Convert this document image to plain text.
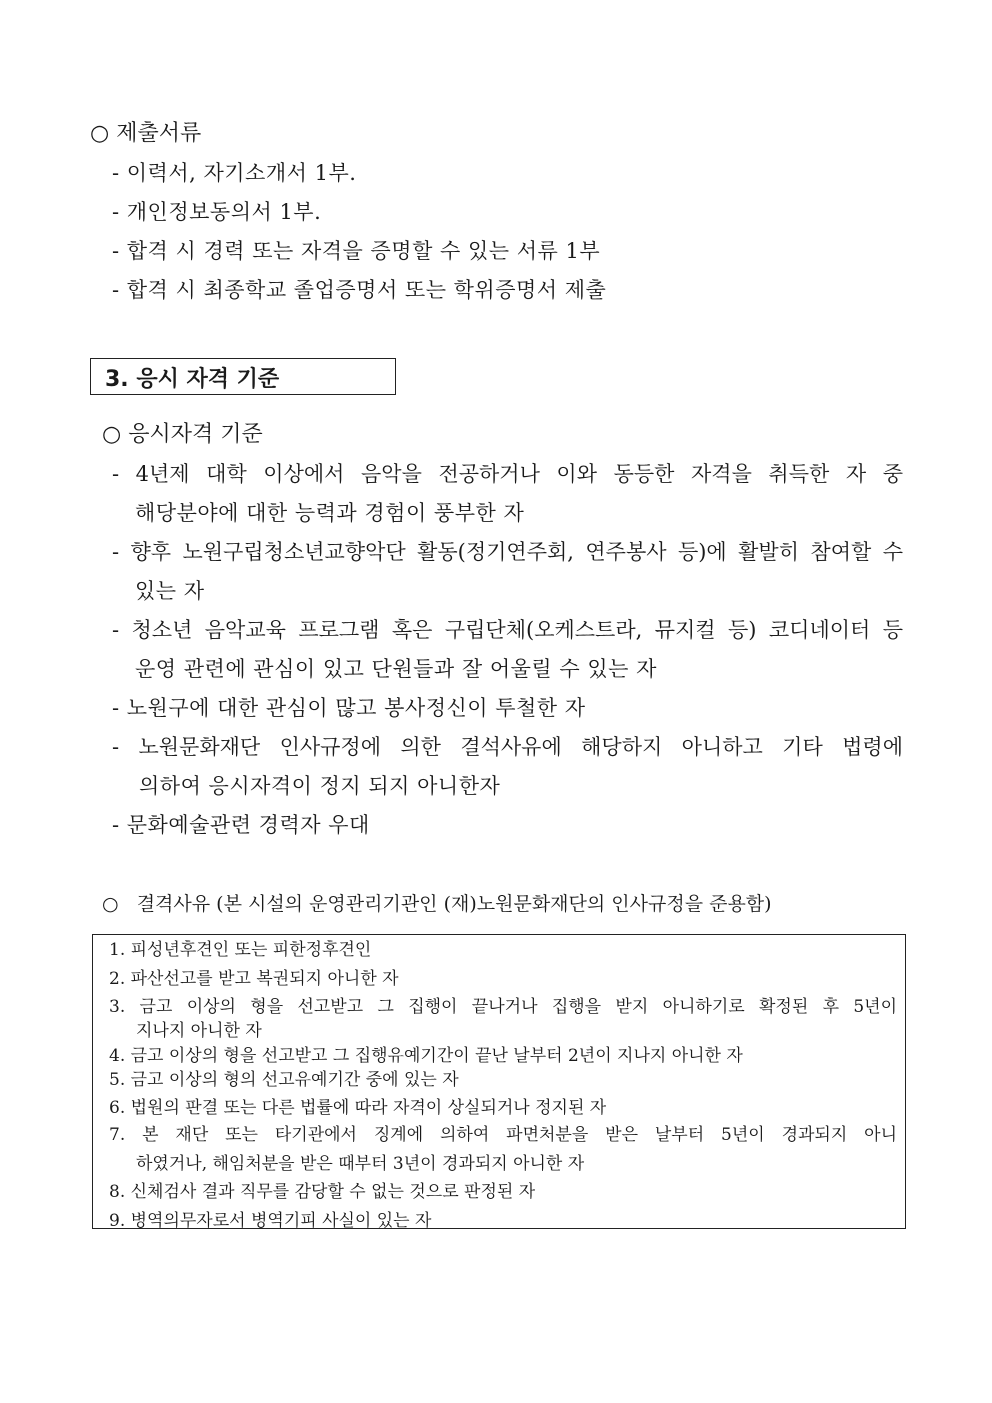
○ 제출서류
- 이력서, 자기소개서 1부.
- 개인정보동의서 1부.
- 합격 시 경력 또는 자격을 증명할 수 있는 서류 1부
- 합격 시 최종학교 졸업증명서 또는 학위증명서 제출
3. 응시 자격 기준
○ 응시자격 기준
- 4년제 대학 이상에서 음악을 전공하거나 이와 동등한 자격을 취득한 자 중
해당분야에 대한 능력과 경험이 풍부한 자
- 향후 노원구립청소년교향악단 활동(정기연주회, 연주봉사 등)에 활발히 참여할 수
있는 자
- 청소년 음악교육 프로그램 혹은 구립단체(오케스트라, 뮤지컬 등) 코디네이터 등
운영 관련에 관심이 있고 단원들과 잘 어울릴 수 있는 자
- 노원구에 대한 관심이 많고 봉사정신이 투철한 자
- 노원문화재단 인사규정에 의한 결석사유에 해당하지 아니하고 기타 법령에
의하여 응시자격이 정지 되지 아니한자
- 문화예술관련 경력자 우대
○   결격사유 (본 시설의 운영관리기관인 (재)노원문화재단의 인사규정을 준용함)
1. 피성년후견인 또는 피한정후견인
2. 파산선고를 받고 복권되지 아니한 자
3. 금고 이상의 형을 선고받고 그 집행이 끝나거나 집행을 받지 아니하기로 확정된 후 5년이
지나지 아니한 자
4. 금고 이상의 형을 선고받고 그 집행유예기간이 끝난 날부터 2년이 지나지 아니한 자
5. 금고 이상의 형의 선고유예기간 중에 있는 자
6. 법원의 판결 또는 다른 법률에 따라 자격이 상실되거나 정지된 자
7. 본 재단 또는 타기관에서 징계에 의하여 파면처분을 받은 날부터 5년이 경과되지 아니
하였거나, 해임처분을 받은 때부터 3년이 경과되지 아니한 자
8. 신체검사 결과 직무를 감당할 수 없는 것으로 판정된 자
9. 병역의무자로서 병역기피 사실이 있는 자
